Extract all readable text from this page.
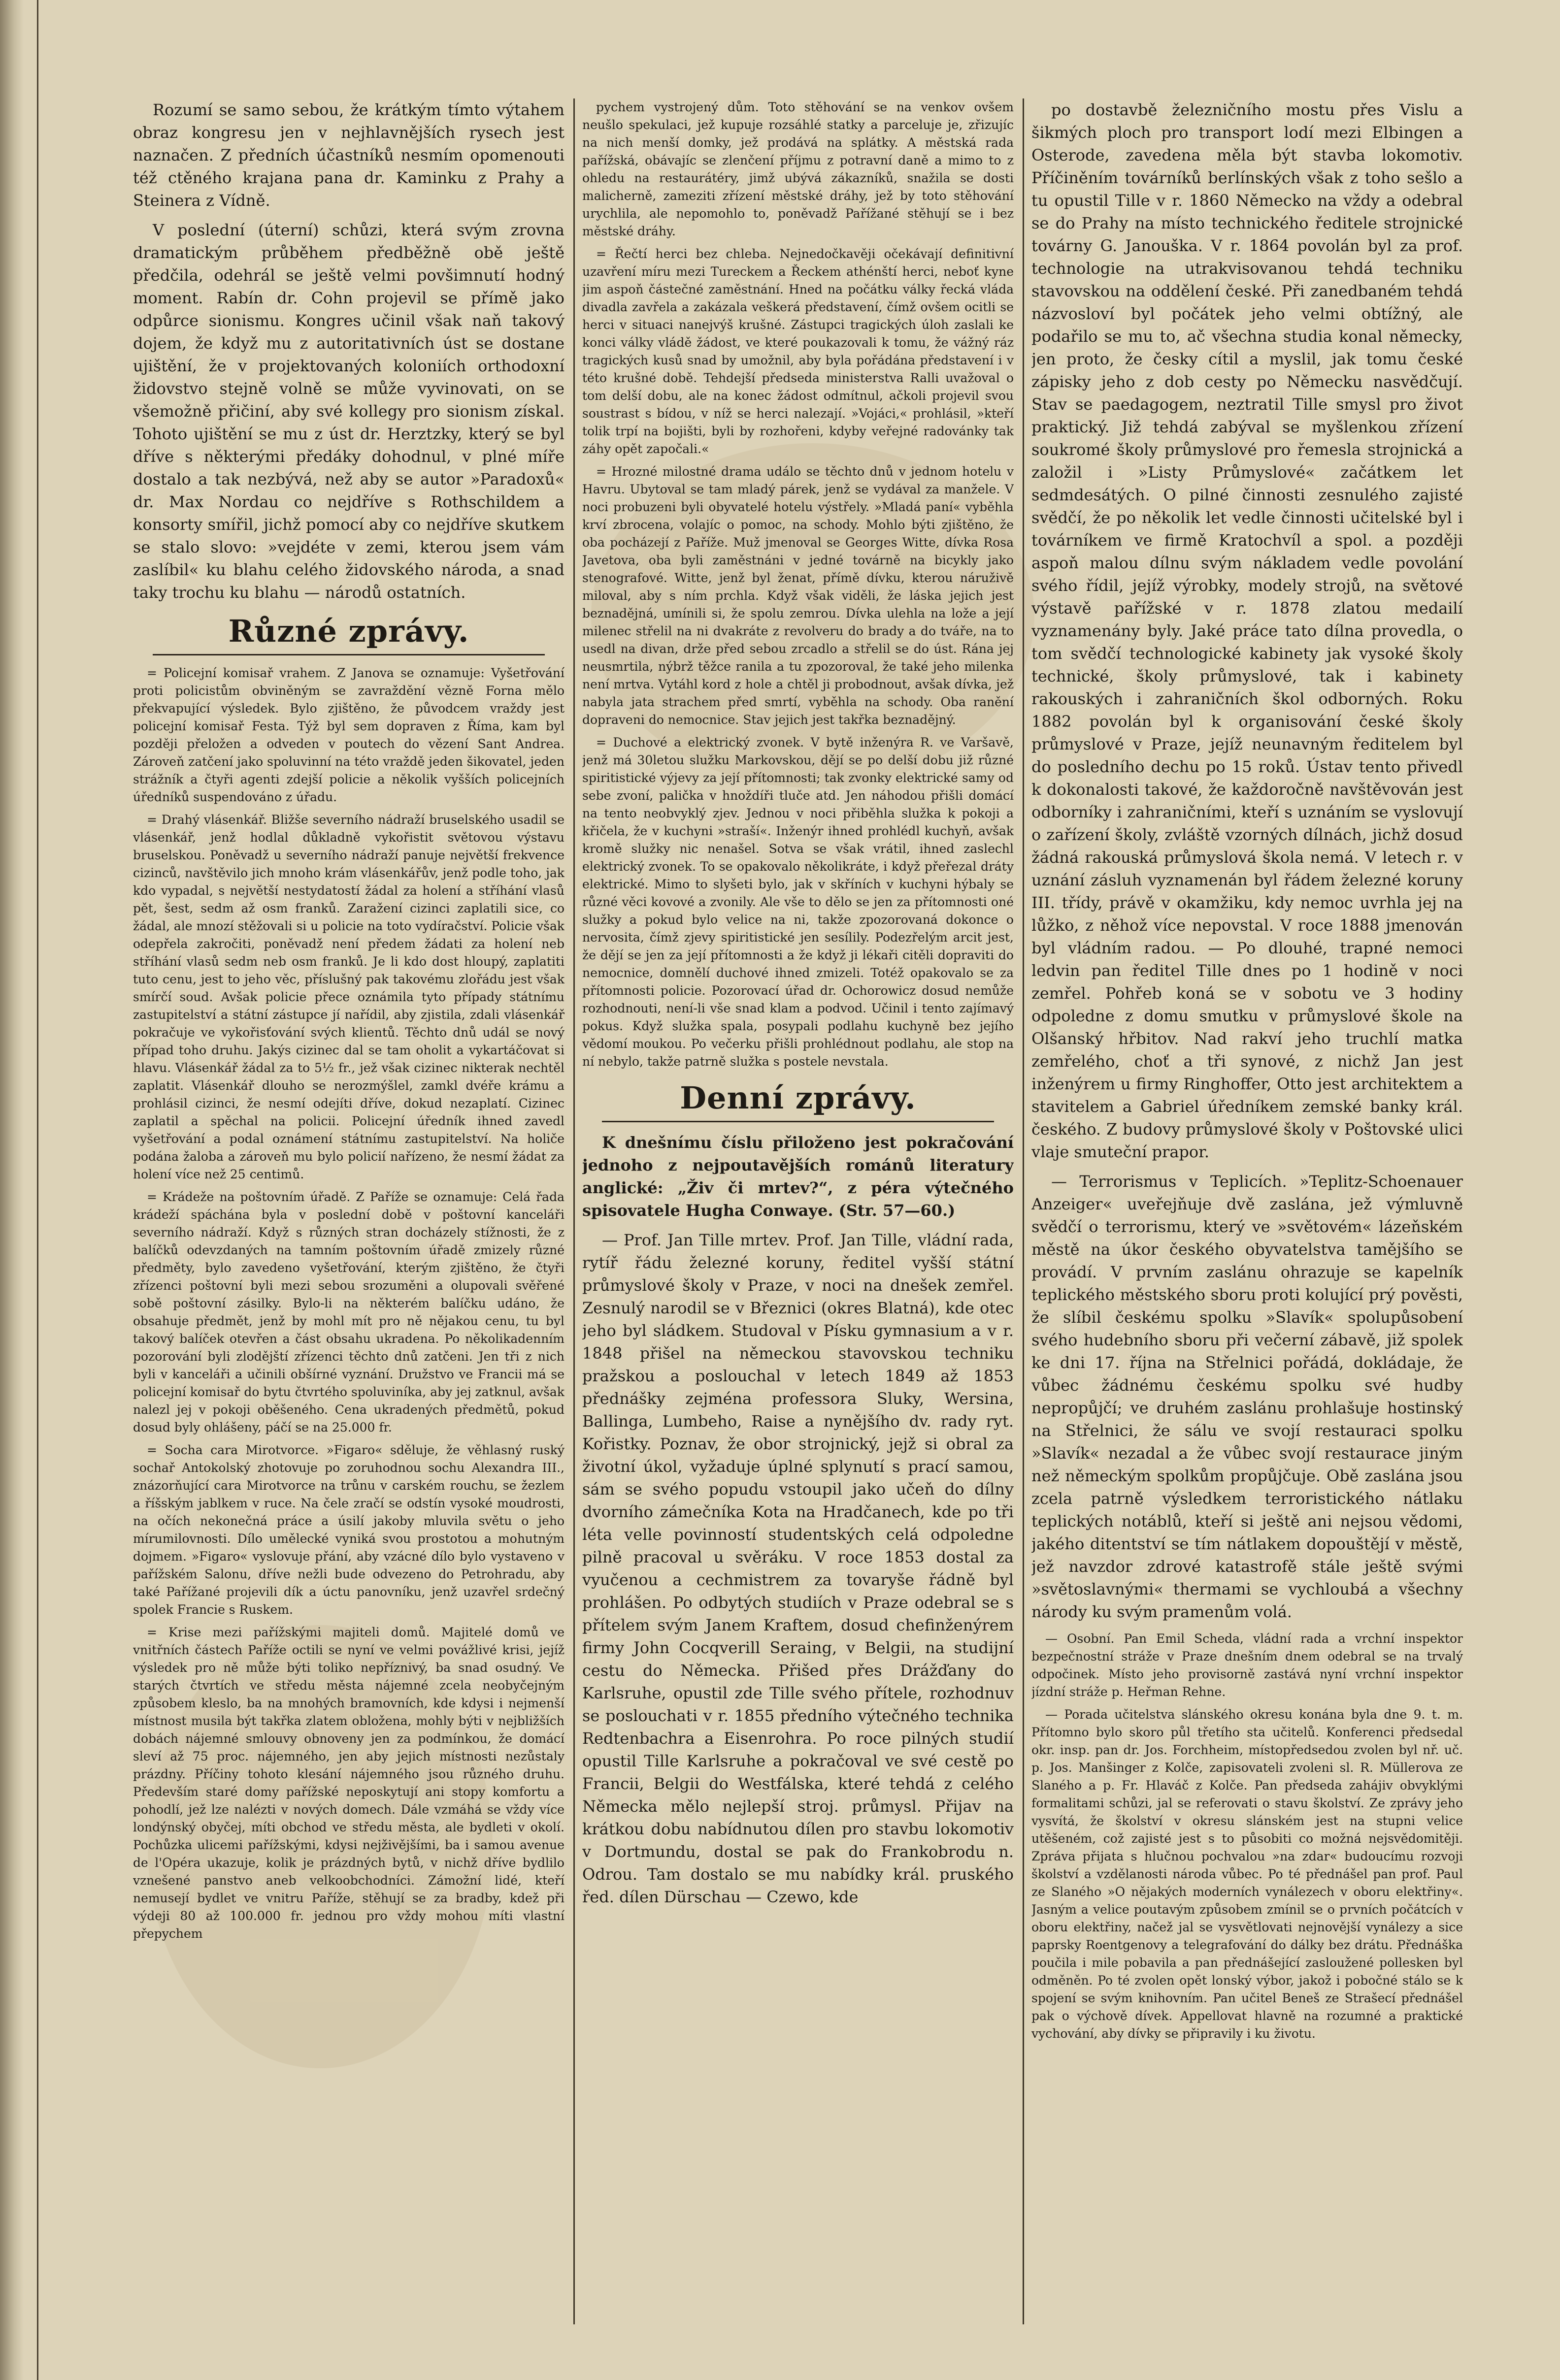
Rozumí se samo sebou, že krátkým tímto výtahem obraz kongresu jen v nejhlavnějších rysech jest naznačen. Z předních účastníků nesmím opomenouti též ctěného krajana pana dr. Kaminku z Prahy a Steinera z Vídně.

V poslední (úterní) schůzi, která svým zrovna dramatickým průběhem předběžně obě ještě předčila, odehrál se ještě velmi povšimnutí hodný moment. Rabín dr. Cohn projevil se přímě jako odpůrce sionismu. Kongres učinil však naň takový dojem, že když mu z autoritativních úst se dostane ujištění, že v projektovaných koloniích orthodoxní židovstvo stejně volně se může vyvinovati, on se všemožně přičiní, aby své kollegy pro sionism získal. Tohoto ujištění se mu z úst dr. Herztzky, který se byl dříve s některými předáky dohodnul, v plné míře dostalo a tak nezbývá, než aby se autor »Paradoxů« dr. Max Nordau co nejdříve s Rothschildem a konsorty smířil, jichž pomocí aby co nejdříve skutkem se stalo slovo: »vejdéte v zemi, kterou jsem vám zaslíbil« ku blahu celého židovského národa, a snad taky trochu ku blahu — národů ostatních.

Různé zprávy.

= Policejní komisař vrahem. Z Janova se oznamuje: Vyšetřování proti policistům obviněným se zavraždění vězně Forna mělo překvapující výsledek. Bylo zjištěno, že původcem vraždy jest policejní komisař Festa. Týž byl sem dopraven z Říma, kam byl později přeložen a odveden v poutech do vězení Sant Andrea. Zároveň zatčení jako spoluvinní na této vraždě jeden šikovatel, jeden strážník a čtyři agenti zdejší policie a několik vyšších policejních úředníků suspendováno z úřadu.

= Drahý vlásenkář. Bližše severního nádraží bruselského usadil se vlásenkář, jenž hodlal důkladně vykořistit světovou výstavu bruselskou. Poněvadž u severního nádraží panuje největší frekvence cizinců, navštěvilo jich mnoho krám vlásenkářův, jenž podle toho, jak kdo vypadal, s největší nestydatostí žádal za holení a stříhání vlasů pět, šest, sedm až osm franků. Zaražení cizinci zaplatili sice, co žádal, ale mnozí stěžovali si u policie na toto vydíračství. Policie však odepřela zakročiti, poněvadž není předem žádati za holení neb stříhání vlasů sedm neb osm franků. Je li kdo dost hloupý, zaplatiti tuto cenu, jest to jeho věc, příslušný pak takovému zlořádu jest však smírčí soud. Avšak policie přece oznámila tyto případy státnímu zastupitelství a státní zástupce jí nařídil, aby zjistila, zdali vlásenkář pokračuje ve vykořisťování svých klientů. Těchto dnů udál se nový případ toho druhu. Jakýs cizinec dal se tam oholit a vykartáčovat si hlavu. Vlásenkář žádal za to 5½ fr., jež však cizinec nikterak nechtěl zaplatit. Vlásenkář dlouho se nerozmýšlel, zamkl dvéře krámu a prohlásil cizinci, že nesmí odejíti dříve, dokud nezaplatí. Cizinec zaplatil a spěchal na policii. Policejní úředník ihned zavedl vyšetřování a podal oznámení státnímu zastupitelství. Na holiče podána žaloba a zároveň mu bylo policií nařízeno, že nesmí žádat za holení více než 25 centimů.

= Krádeže na poštovním úřadě. Z Paříže se oznamuje: Celá řada krádeží spáchána byla v poslední době v poštovní kanceláři severního nádraží. Když s různých stran docházely stížnosti, že z balíčků odevzdaných na tamním poštovním úřadě zmizely různé předměty, bylo zavedeno vyšetřování, kterým zjištěno, že čtyři zřízenci poštovní byli mezi sebou srozuměni a olupovali svěřené sobě poštovní zásilky. Bylo-li na některém balíčku udáno, že obsahuje předmět, jenž by mohl mít pro ně nějakou cenu, tu byl takový balíček otevřen a část obsahu ukradena. Po několikadenním pozorování byli zlodějští zřízenci těchto dnů zatčeni. Jen tři z nich byli v kanceláři a učinili obšírné vyznání. Družstvo ve Francii má se policejní komisař do bytu čtvrtého spoluviníka, aby jej zatknul, avšak nalezl jej v pokoji oběšeného. Cena ukradených předmětů, pokud dosud byly ohlášeny, páčí se na 25.000 fr.

= Socha cara Mirotvorce. »Figaro« sděluje, že věhlasný ruský sochař Antokolský zhotovuje po zoruhodnou sochu Alexandra III., znázorňující cara Mirotvorce na trůnu v carském rouchu, se žezlem a říšským jablkem v ruce. Na čele zračí se odstín vysoké moudrosti, na očích nekonečná práce a úsilí jakoby mluvila světu o jeho mírumilovnosti. Dílo umělecké vyniká svou prostotou a mohutným dojmem. »Figaro« vyslovuje přání, aby vzácné dílo bylo vystaveno v pařížském Salonu, dříve nežli bude odvezeno do Petrohradu, aby také Pařížané projevili dík a úctu panovníku, jenž uzavřel srdečný spolek Francie s Ruskem.

= Krise mezi pařížskými majiteli domů. Majitelé domů ve vnitřních částech Paříže octili se nyní ve velmi povážlivé krisi, jejíž výsledek pro ně může býti toliko nepříznivý, ba snad osudný. Ve starých čtvrtích ve středu města nájemné zcela neobyčejným způsobem kleslo, ba na mnohých bramovních, kde kdysi i nejmenší místnost musila být takřka zlatem obložena, mohly býti v nejbližších dobách nájemné smlouvy obnoveny jen za podmínkou, že domácí sleví až 75 proc. nájemného, jen aby jejich místnosti nezůstaly prázdny. Příčiny tohoto klesání nájemného jsou různého druhu. Především staré domy pařížské neposkytují ani stopy komfortu a pohodlí, jež lze nalézti v nových domech. Dále vzmáhá se vždy více londýnský obyčej, míti obchod ve středu města, ale bydleti v okolí. Pochůzka ulicemi pařížskými, kdysi nejživějšími, ba i samou avenue de l'Opéra ukazuje, kolik je prázdných bytů, v nichž dříve bydlilo vznešené panstvo aneb velkoobchodníci. Zámožní lidé, kteří nemusejí bydlet ve vnitru Paříže, stěhují se za bradby, kdež při výdeji 80 až 100.000 fr. jednou pro vždy mohou míti vlastní přepychem

pychem vystrojený dům. Toto stěhování se na venkov ovšem neušlo spekulaci, jež kupuje rozsáhlé statky a parceluje je, zřizujíc na nich menší domky, jež prodává na splátky. A městská rada pařížská, obávajíc se zlenčení příjmu z potravní daně a mimo to z ohledu na restaurátéry, jimž ubývá zákazníků, snažila se dosti malicherně, zameziti zřízení městské dráhy, jež by toto stěhování urychlila, ale nepomohlo to, poněvadž Pařížané stěhují se i bez městské dráhy.

= Řečtí herci bez chleba. Nejnedočkavěji očekávají definitivní uzavření míru mezi Tureckem a Řeckem athénští herci, neboť kyne jim aspoň částečné zaměstnání. Hned na počátku války řecká vláda divadla zavřela a zakázala veškerá představení, čímž ovšem ocitli se herci v situaci nanejvýš krušné. Zástupci tragických úloh zaslali ke konci války vládě žádost, ve které poukazovali k tomu, že vážný ráz tragických kusů snad by umožnil, aby byla pořádána představení i v této krušné době. Tehdejší předseda ministerstva Ralli uvažoval o tom delší dobu, ale na konec žádost odmítnul, ačkoli projevil svou soustrast s bídou, v níž se herci nalezají. »Vojáci,« prohlásil, »kteří tolik trpí na bojišti, byli by rozhořeni, kdyby veřejné radovánky tak záhy opět započali.«

= Hrozné milostné drama událo se těchto dnů v jednom hotelu v Havru. Ubytoval se tam mladý párek, jenž se vydával za manžele. V noci probuzeni byli obyvatelé hotelu výstřely. »Mladá paní« vyběhla krví zbrocena, volajíc o pomoc, na schody. Mohlo býti zjištěno, že oba pocházejí z Paříže. Muž jmenoval se Georges Witte, dívka Rosa Javetova, oba byli zaměstnáni v jedné továrně na bicykly jako stenografové. Witte, jenž byl ženat, přímě dívku, kterou náruživě miloval, aby s ním prchla. Když však viděli, že láska jejich jest beznadějná, umínili si, že spolu zemrou. Dívka ulehla na lože a její milenec střelil na ni dvakráte z revolveru do brady a do tváře, na to usedl na divan, drže před sebou zrcadlo a střelil se do úst. Rána jej neusmrtila, nýbrž těžce ranila a tu zpozoroval, že také jeho milenka není mrtva. Vytáhl kord z hole a chtěl ji probodnout, avšak dívka, jež nabyla jata strachem před smrtí, vyběhla na schody. Oba ranění dopraveni do nemocnice. Stav jejich jest takřka beznadějný.

= Duchové a elektrický zvonek. V bytě inženýra R. ve Varšavě, jenž má 30letou služku Markovskou, dějí se po delší dobu již různé spiritistické výjevy za její přítomnosti; tak zvonky elektrické samy od sebe zvoní, palička v hnoždíři tluče atd. Jen náhodou přišli domácí na tento neobvyklý zjev. Jednou v noci přiběhla služka k pokoji a křičela, že v kuchyni »straší«. Inženýr ihned prohlédl kuchyň, avšak kromě služky nic nenašel. Sotva se však vrátil, ihned zaslechl elektrický zvonek. To se opakovalo několikráte, i když přeřezal dráty elektrické. Mimo to slyšeti bylo, jak v skříních v kuchyni hýbaly se různé věci kovové a zvonily. Ale vše to dělo se jen za přítomnosti oné služky a pokud bylo velice na ni, takže zpozorovaná dokonce o nervosita, čímž zjevy spiritistické jen sesílily. Podezřelým arcit jest, že dějí se jen za její přítomnosti a že když ji lékaři citěli dopraviti do nemocnice, domnělí duchové ihned zmizeli. Totéž opakovalo se za přítomnosti policie. Pozorovací úřad dr. Ochorowicz dosud nemůže rozhodnouti, není-li vše snad klam a podvod. Učinil i tento zajímavý pokus. Když služka spala, posypali podlahu kuchyně bez jejího vědomí moukou. Po večerku přišli prohlédnout podlahu, ale stop na ní nebylo, takže patrně služka s postele nevstala.

Denní zprávy.

K dnešnímu číslu přiloženo jest pokračování jednoho z nejpoutavějších románů literatury anglické: „Živ či mrtev?“, z péra výtečného spisovatele Hugha Conwaye. (Str. 57—60.)

— Prof. Jan Tille mrtev. Prof. Jan Tille, vládní rada, rytíř řádu železné koruny, ředitel vyšší státní průmyslové školy v Praze, v noci na dnešek zemřel. Zesnulý narodil se v Březnici (okres Blatná), kde otec jeho byl sládkem. Studoval v Písku gymnasium a v r. 1848 přišel na německou stavovskou techniku pražskou a poslouchal v letech 1849 až 1853 přednášky zejména professora Sluky, Wersina, Ballinga, Lumbeho, Raise a nynějšího dv. rady ryt. Kořistky. Poznav, že obor strojnický, jejž si obral za životní úkol, vyžaduje úplné splynutí s prací samou, sám se svého popudu vstoupil jako učeň do dílny dvorního zámečníka Kota na Hradčanech, kde po tři léta velle povinností studentských celá odpoledne pilně pracoval u svěráku. V roce 1853 dostal za vyučenou a cechmistrem za tovaryše řádně byl prohlášen. Po odbytých studiích v Praze odebral se s přítelem svým Janem Kraftem, dosud chefinženýrem firmy John Cocqverill Seraing, v Belgii, na studijní cestu do Německa. Přišed přes Drážďany do Karlsruhe, opustil zde Tille svého přítele, rozhodnuv se poslouchati v r. 1855 předního výtečného technika Redtenbachra a Eisenrohra. Po roce pilných studií opustil Tille Karlsruhe a pokračoval ve své cestě po Francii, Belgii do Westfálska, které tehdá z celého Německa mělo nejlepší stroj. průmysl. Přijav na krátkou dobu nabídnutou dílen pro stavbu lokomotiv v Dortmundu, dostal se pak do Frankobrodu n. Odrou. Tam dostalo se mu nabídky král. pruského řed. dílen Dürschau — Czewo, kde

po dostavbě železničního mostu přes Vislu a šikmých ploch pro transport lodí mezi Elbingen a Osterode, zavedena měla být stavba lokomotiv. Příčiněním továrníků berlínských však z toho sešlo a tu opustil Tille v r. 1860 Německo na vždy a odebral se do Prahy na místo technického ředitele strojnické továrny G. Janouška. V r. 1864 povolán byl za prof. technologie na utrakvisovanou tehdá techniku stavovskou na oddělení české. Při zanedbaném tehdá názvosloví byl počátek jeho velmi obtížný, ale podařilo se mu to, ač všechna studia konal německy, jen proto, že česky cítil a myslil, jak tomu české zápisky jeho z dob cesty po Německu nasvědčují. Stav se paedagogem, neztratil Tille smysl pro život praktický. Již tehdá zabýval se myšlenkou zřízení soukromé školy průmyslové pro řemesla strojnická a založil i »Listy Průmyslové« začátkem let sedmdesátých. O pilné činnosti zesnulého zajisté svědčí, že po několik let vedle činnosti učitelské byl i továrníkem ve firmě Kratochvíl a spol. a později aspoň malou dílnu svým nákladem vedle povolání svého řídil, jejíž výrobky, modely strojů, na světové výstavě pařížské v r. 1878 zlatou medailí vyznamenány byly. Jaké práce tato dílna provedla, o tom svědčí technologické kabinety jak vysoké školy technické, školy průmyslové, tak i kabinety rakouských i zahraničních škol odborných. Roku 1882 povolán byl k organisování české školy průmyslové v Praze, jejíž neunavným ředitelem byl do posledního dechu po 15 roků. Ústav tento přivedl k dokonalosti takové, že každoročně navštěvován jest odborníky i zahraničními, kteří s uznáním se vyslovují o zařízení školy, zvláště vzorných dílnách, jichž dosud žádná rakouská průmyslová škola nemá. V letech r. v uznání zásluh vyznamenán byl řádem železné koruny III. třídy, právě v okamžiku, kdy nemoc uvrhla jej na lůžko, z něhož více nepovstal. V roce 1888 jmenován byl vládním radou. — Po dlouhé, trapné nemoci ledvin pan ředitel Tille dnes po 1 hodině v noci zemřel. Pohřeb koná se v sobotu ve 3 hodiny odpoledne z domu smutku v průmyslové škole na Olšanský hřbitov. Nad rakví jeho truchlí matka zemřelého, choť a tři synové, z nichž Jan jest inženýrem u firmy Ringhoffer, Otto jest architektem a stavitelem a Gabriel úředníkem zemské banky král. českého. Z budovy průmyslové školy v Poštovské ulici vlaje smuteční prapor.

— Terrorismus v Teplicích. »Teplitz-Schoenauer Anzeiger« uveřejňuje dvě zaslána, jež výmluvně svědčí o terrorismu, který ve »světovém« lázeňském městě na úkor českého obyvatelstva tamějšího se provádí. V prvním zaslánu ohrazuje se kapelník teplického městského sboru proti kolující prý pověsti, že slíbil českému spolku »Slavík« spolupůsobení svého hudebního sboru při večerní zábavě, již spolek ke dni 17. října na Střelnici pořádá, dokládaje, že vůbec žádnému českému spolku své hudby nepropůjčí; ve druhém zaslánu prohlašuje hostinský na Střelnici, že sálu ve svojí restauraci spolku »Slavík« nezadal a že vůbec svojí restaurace jiným než německým spolkům propůjčuje. Obě zaslána jsou zcela patrně výsledkem terroristického nátlaku teplických notáblů, kteří si ještě ani nejsou vědomi, jakého ditentství se tím nátlakem dopouštějí v městě, jež navzdor zdrové katastrofě stále ještě svými »světoslavnými« thermami se vychloubá a všechny národy ku svým pramenům volá.

— Osobní. Pan Emil Scheda, vládní rada a vrchní inspektor bezpečnostní stráže v Praze dnešním dnem odebral se na trvalý odpočinek. Místo jeho provisorně zastává nyní vrchní inspektor jízdní stráže p. Heřman Rehne.

— Porada učitelstva slánského okresu konána byla dne 9. t. m. Přítomno bylo skoro půl třetího sta učitelů. Konferenci předsedal okr. insp. pan dr. Jos. Forchheim, místopředsedou zvolen byl nř. uč. p. Jos. Manšinger z Kolče, zapisovateli zvoleni sl. R. Müllerova ze Slaného a p. Fr. Hlaváč z Kolče. Pan předseda zahájiv obvyklými formalitami schůzi, jal se referovati o stavu školství. Ze zprávy jeho vysvítá, že školství v okresu slánském jest na stupni velice utěšeném, což zajisté jest s to působiti co možná nejsvědomitěji. Zpráva přijata s hlučnou pochvalou »na zdar« budoucímu rozvoji školství a vzdělanosti národa vůbec. Po té přednášel pan prof. Paul ze Slaného »O nějakých moderních vynálezech v oboru elektřiny«. Jasným a velice poutavým způsobem zmínil se o prvních počátcích v oboru elektřiny, načež jal se vysvětlovati nejnovější vynálezy a sice paprsky Roentgenovy a telegrafování do dálky bez drátu. Přednáška poučila i mile pobavila a pan přednášející zasloužené pollesken byl odměněn. Po té zvolen opět lonský výbor, jakož i pobočné stálo se k spojení se svým knihovním. Pan učitel Beneš ze Strašecí přednášel pak o výchově dívek. Appellovat hlavně na rozumné a praktické vychování, aby dívky se připravily i ku životu.
